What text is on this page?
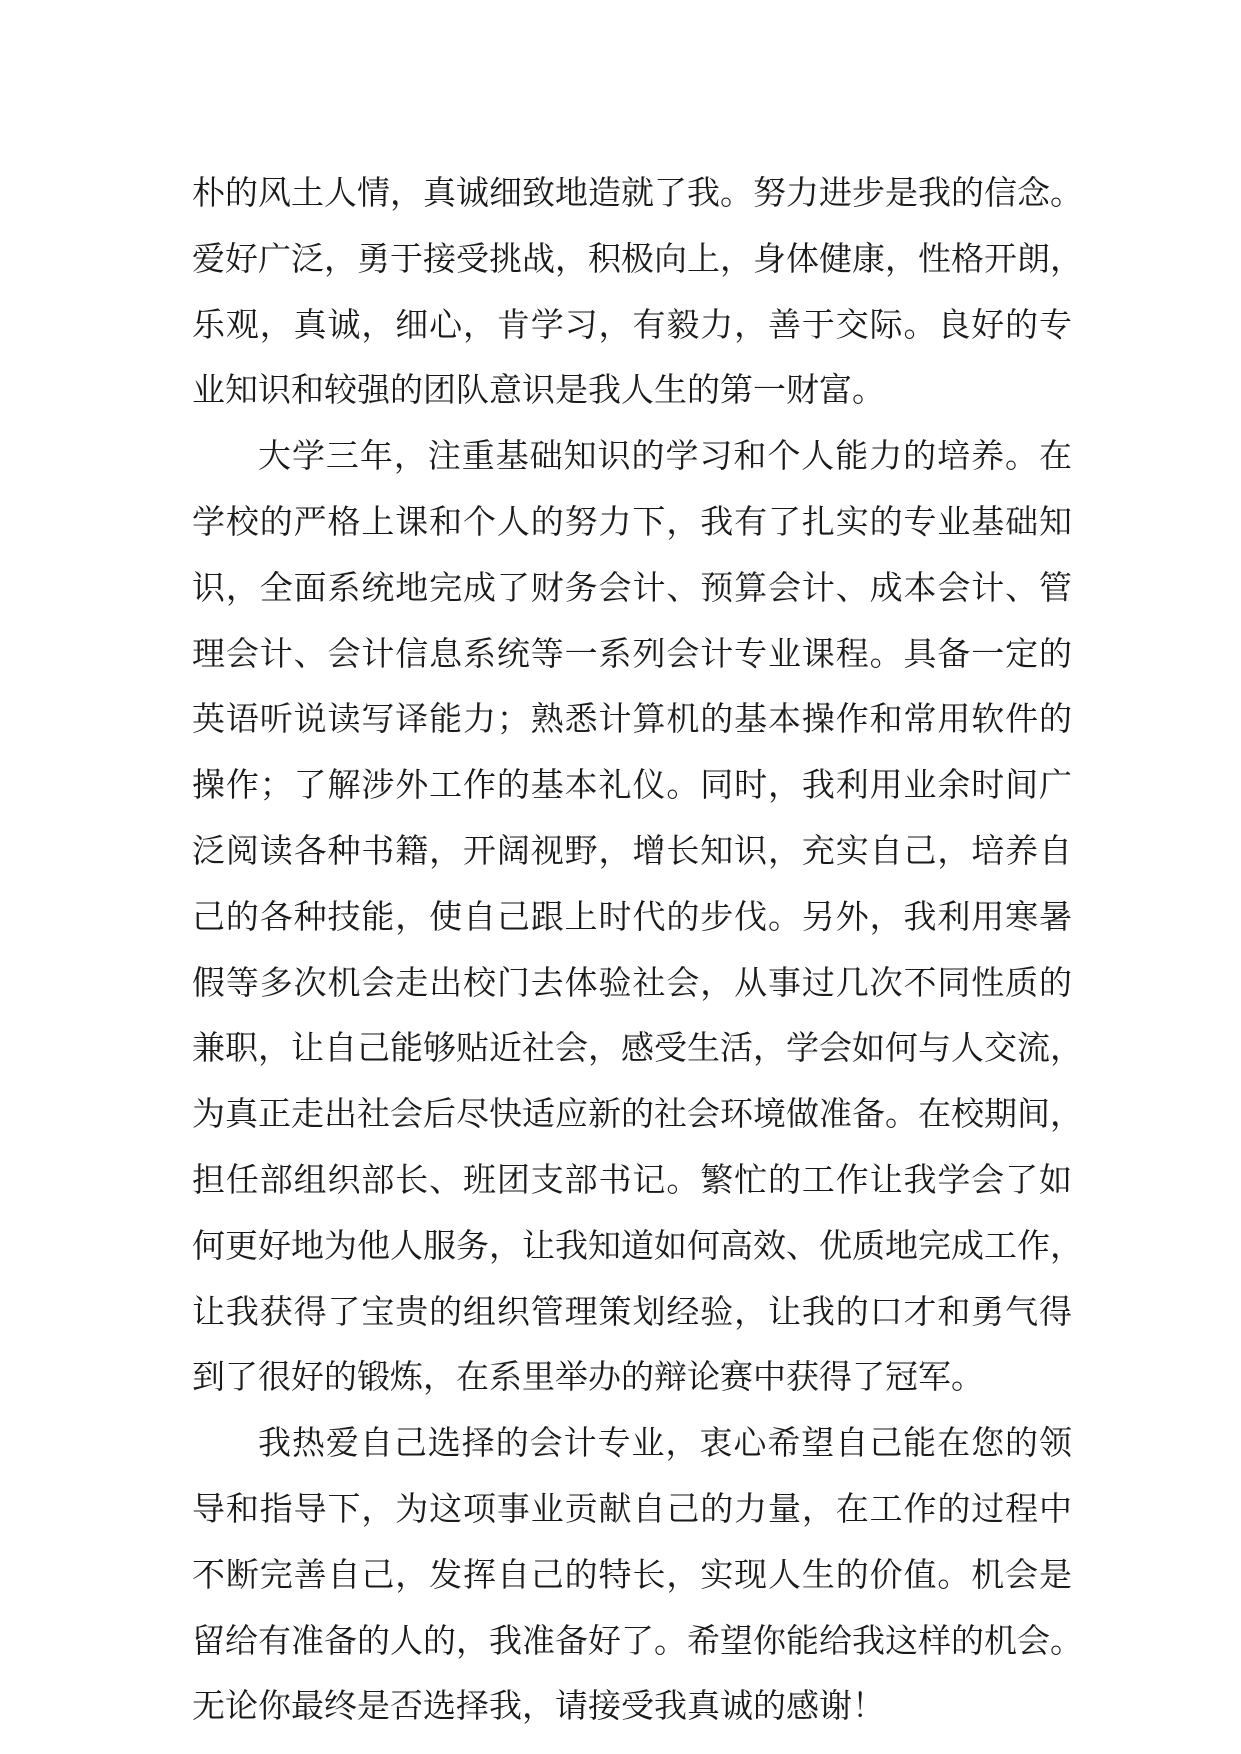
朴的风土人情，真诚细致地造就了我。努力进步是我的信念。
爱好广泛，勇于接受挑战，积极向上，身体健康，性格开朗，
乐观，真诚，细心，肯学习，有毅力，善于交际。良好的专
业知识和较强的团队意识是我人生的第一财富。
大学三年，注重基础知识的学习和个人能力的培养。在
学校的严格上课和个人的努力下，我有了扎实的专业基础知
识，全面系统地完成了财务会计、预算会计、成本会计、管
理会计、会计信息系统等一系列会计专业课程。具备一定的
英语听说读写译能力；熟悉计算机的基本操作和常用软件的
操作；了解涉外工作的基本礼仪。同时，我利用业余时间广
泛阅读各种书籍，开阔视野，增长知识，充实自己，培养自
己的各种技能，使自己跟上时代的步伐。另外，我利用寒暑
假等多次机会走出校门去体验社会，从事过几次不同性质的
兼职，让自己能够贴近社会，感受生活，学会如何与人交流，
为真正走出社会后尽快适应新的社会环境做准备。在校期间，
担任部组织部长、班团支部书记。繁忙的工作让我学会了如
何更好地为他人服务，让我知道如何高效、优质地完成工作，
让我获得了宝贵的组织管理策划经验，让我的口才和勇气得
到了很好的锻炼，在系里举办的辩论赛中获得了冠军。
我热爱自己选择的会计专业，衷心希望自己能在您的领
导和指导下，为这项事业贡献自己的力量，在工作的过程中
不断完善自己，发挥自己的特长，实现人生的价值。机会是
留给有准备的人的，我准备好了。希望你能给我这样的机会。
无论你最终是否选择我，请接受我真诚的感谢！
